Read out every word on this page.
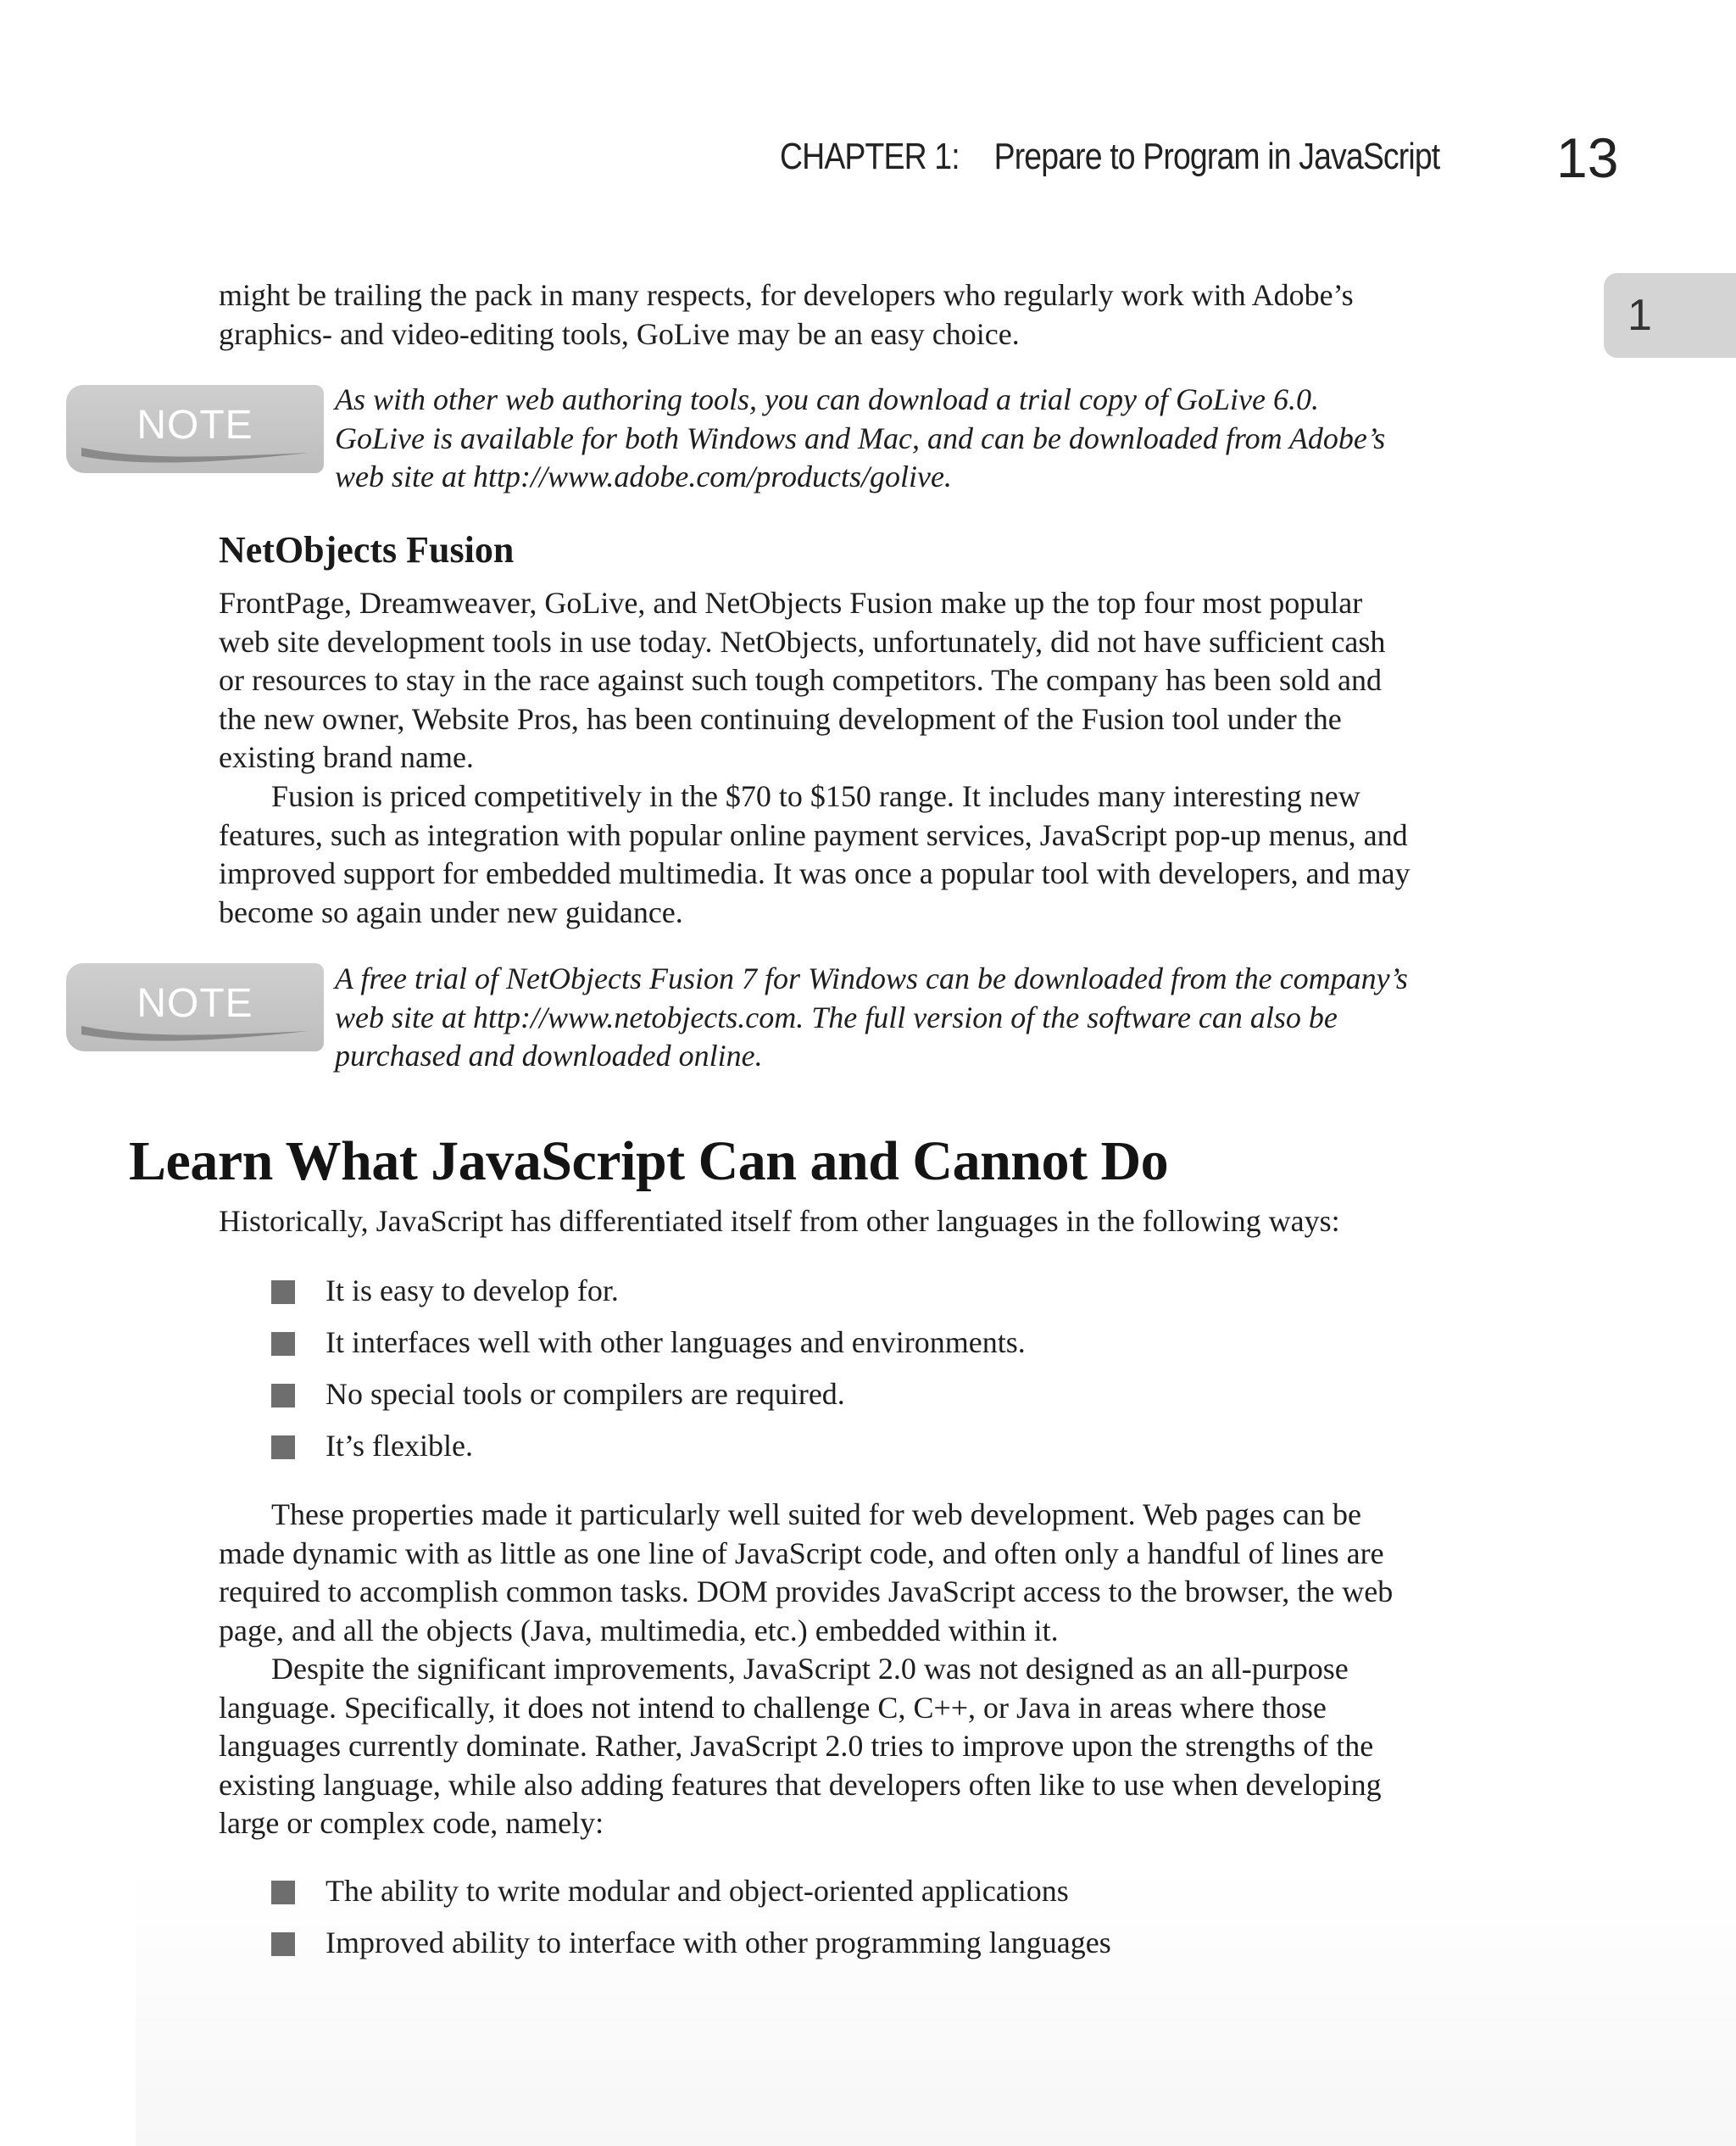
CHAPTER 1: Prepare to Program in JavaScript 13
1

might be trailing the pack in many respects, for developers who regularly work with Adobe’s
graphics- and video-editing tools, GoLive may be an easy choice.

NOTE

As with other web authoring tools, you can download a trial copy of GoLive 6.0.
GoLive is available for both Windows and Mac, and can be downloaded from Adobe’s
web site at http://www.adobe.com/products/golive.

NetObjects Fusion

FrontPage, Dreamweaver, GoLive, and NetObjects Fusion make up the top four most popular
web site development tools in use today. NetObjects, unfortunately, did not have sufficient cash
or resources to stay in the race against such tough competitors. The company has been sold and
the new owner, Website Pros, has been continuing development of the Fusion tool under the
existing brand name.

Fusion is priced competitively in the $70 to $150 range. It includes many interesting new
features, such as integration with popular online payment services, JavaScript pop-up menus, and
improved support for embedded multimedia. It was once a popular tool with developers, and may
become so again under new guidance.

NOTE

A free trial of NetObjects Fusion 7 for Windows can be downloaded from the company’s
web site at http://www.netobjects.com. The full version of the software can also be
purchased and downloaded online.

Learn What JavaScript Can and Cannot Do

Historically, JavaScript has differentiated itself from other languages in the following ways:

It is easy to develop for.
It interfaces well with other languages and environments.
No special tools or compilers are required.
It’s flexible.

These properties made it particularly well suited for web development. Web pages can be
made dynamic with as little as one line of JavaScript code, and often only a handful of lines are
required to accomplish common tasks. DOM provides JavaScript access to the browser, the web
page, and all the objects (Java, multimedia, etc.) embedded within it.

Despite the significant improvements, JavaScript 2.0 was not designed as an all-purpose
language. Specifically, it does not intend to challenge C, C++, or Java in areas where those
languages currently dominate. Rather, JavaScript 2.0 tries to improve upon the strengths of the
existing language, while also adding features that developers often like to use when developing
large or complex code, namely:

The ability to write modular and object-oriented applications
Improved ability to interface with other programming languages
